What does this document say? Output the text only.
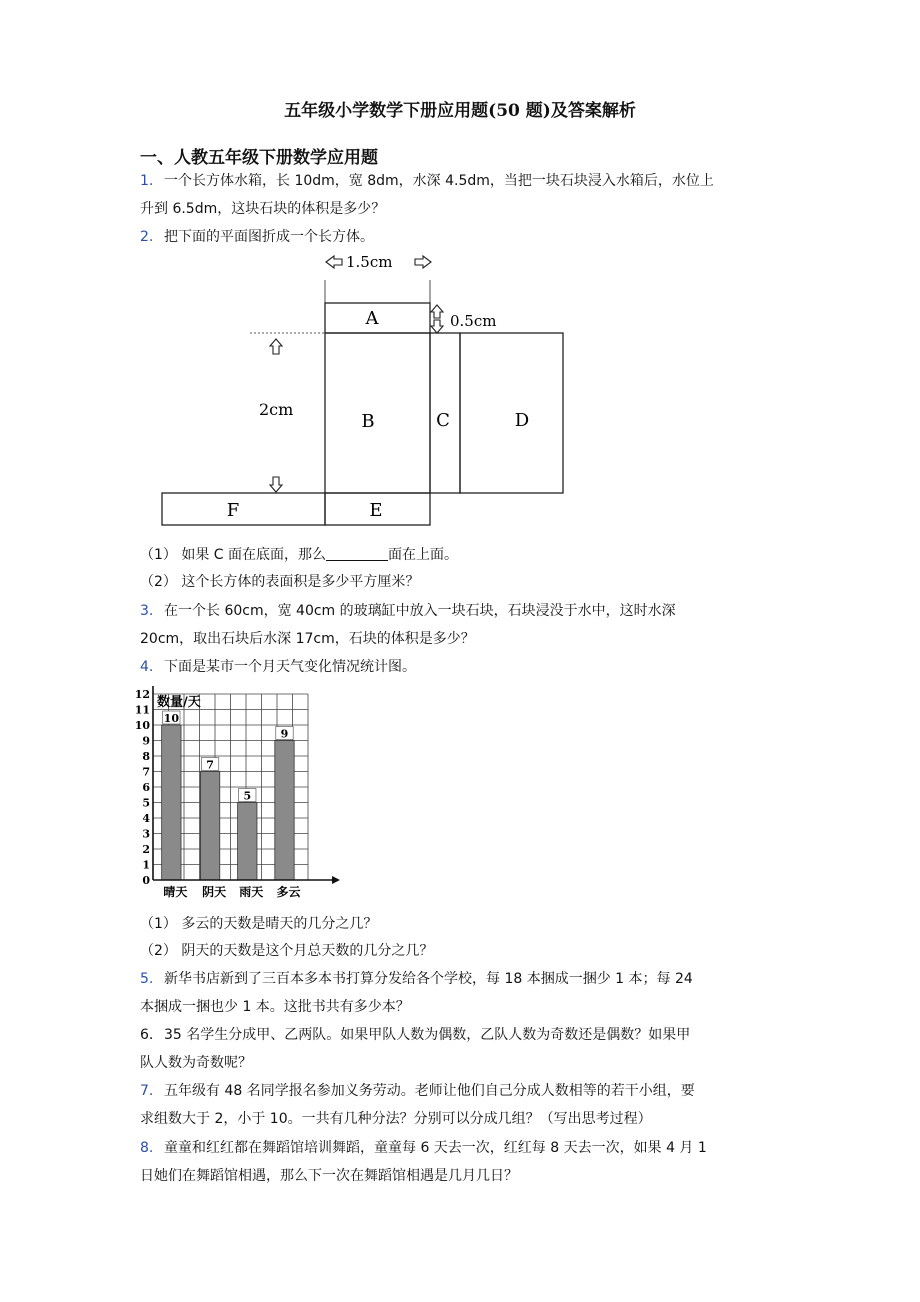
五年级小学数学下册应用题(50 题)及答案解析
一、人教五年级下册数学应用题
1. 一个长方体水箱，长 10dm，宽 8dm，水深 4.5dm，当把一块石块浸入水箱后，水位上
升到 6.5dm，这块石块的体积是多少？
2. 把下面的平面图折成一个长方体。
1.5cm
0.5cm
2cm
A
B	C	D
E
F
（1） 如果 C 面在底面，那么	面在上面。
（2） 这个长方体的表面积是多少平方厘米？
3. 在一个长 60cm，宽 40cm 的玻璃缸中放入一块石块，石块浸没于水中，这时水深
20cm，取出石块后水深 17cm，石块的体积是多少？
4. 下面是某市一个月天气变化情况统计图。
10
晴天
7
阴天
5
雨天
9
多云
0
1
2
3
4
5
6
7
8
9
10
11
12
数量/天
（1） 多云的天数是晴天的几分之几？
（2） 阴天的天数是这个月总天数的几分之几？
5. 新华书店新到了三百本多本书打算分发给各个学校，每 18 本捆成一捆少 1 本；每 24
本捆成一捆也少 1 本。这批书共有多少本？
6．35 名学生分成甲、乙两队。如果甲队人数为偶数，乙队人数为奇数还是偶数？如果甲
队人数为奇数呢？
7. 五年级有 48 名同学报名参加义务劳动。老师让他们自己分成人数相等的若干小组，要
求组数大于 2，小于 10。一共有几种分法？分别可以分成几组？（写出思考过程）
8. 童童和红红都在舞蹈馆培训舞蹈，童童每 6 天去一次，红红每 8 天去一次，如果 4 月 1
日她们在舞蹈馆相遇，那么下一次在舞蹈馆相遇是几月几日？
